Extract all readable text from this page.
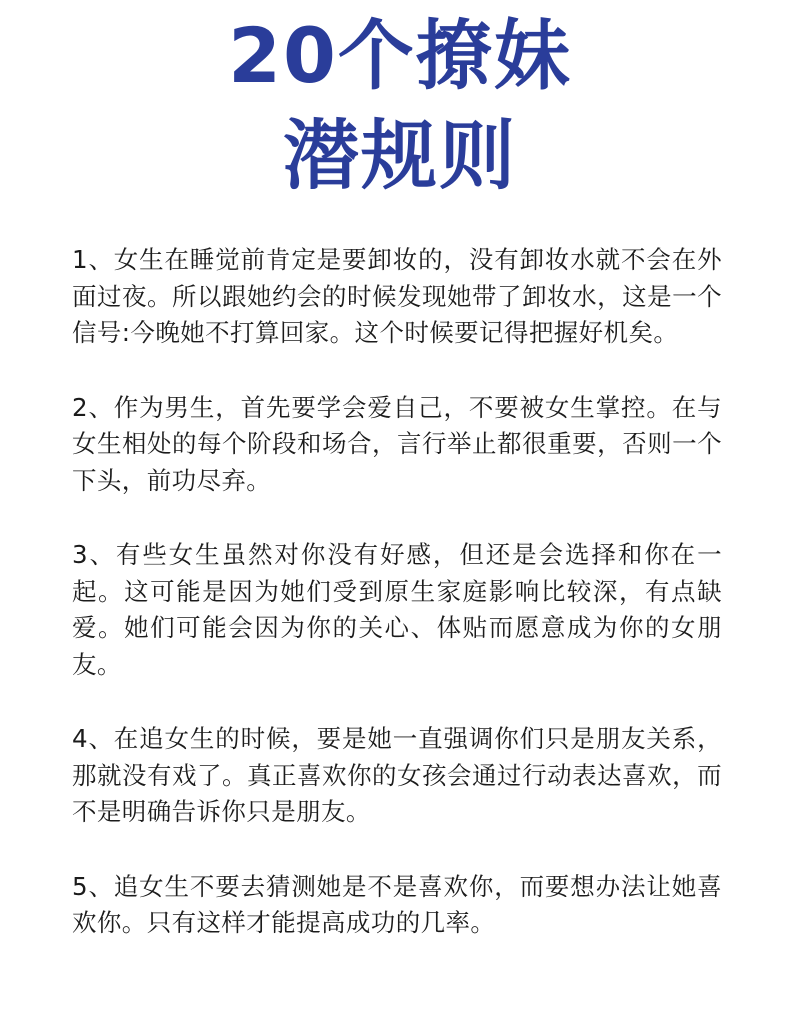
20个撩妹
潜规则

1、女生在睡觉前肯定是要卸妆的，没有卸妆水就不会在外面过夜。所以跟她约会的时候发现她带了卸妆水，这是一个信号:今晚她不打算回家。这个时候要记得把握好机矣。

2、作为男生，首先要学会爱自己，不要被女生掌控。在与女生相处的每个阶段和场合，言行举止都很重要，否则一个下头，前功尽弃。

3、有些女生虽然对你没有好感，但还是会选择和你在一起。这可能是因为她们受到原生家庭影响比较深，有点缺爱。她们可能会因为你的关心、体贴而愿意成为你的女朋友。

4、在追女生的时候，要是她一直强调你们只是朋友关系，那就没有戏了。真正喜欢你的女孩会通过行动表达喜欢，而不是明确告诉你只是朋友。

5、追女生不要去猜测她是不是喜欢你，而要想办法让她喜欢你。只有这样才能提高成功的几率。
